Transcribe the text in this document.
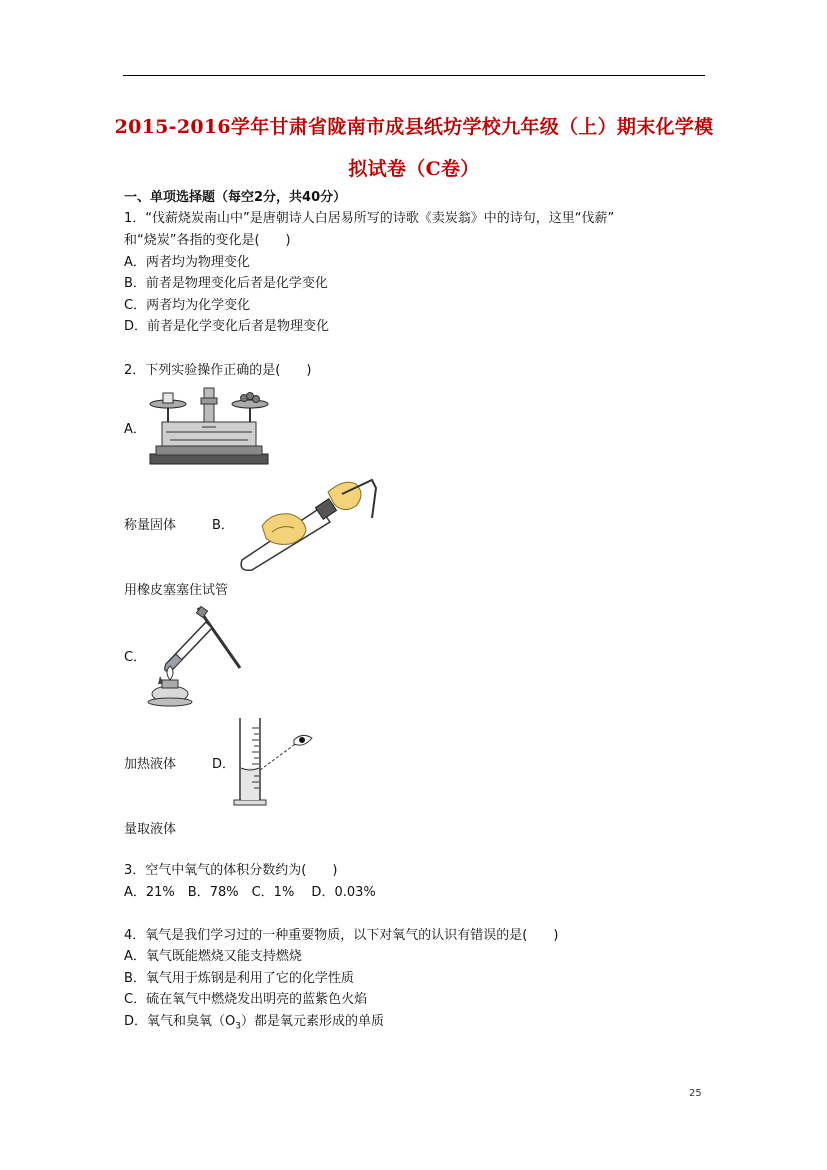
2015-2016学年甘肃省陇南市成县纸坊学校九年级（上）期末化学模
拟试卷（C卷）
一、单项选择题（每空2分，共40分）
1．“伐薪烧炭南山中”是唐朝诗人白居易所写的诗歌《卖炭翁》中的诗句，这里“伐薪”
和“烧炭”各指的变化是(　　)
A．两者均为物理变化
B．前者是物理变化后者是化学变化
C．两者均为化学变化
D．前者是化学变化后者是物理变化
2．下列实验操作正确的是(　　)
A．
称量固体	B．
用橡皮塞塞住试管
C．
加热液体	D．
量取液体
3．空气中氧气的体积分数约为(　　)
A．21%　B．78%　C．1%　 D．0.03%
4．氧气是我们学习过的一种重要物质，以下对氧气的认识有错误的是(　　)
A．氧气既能燃烧又能支持燃烧
B．氧气用于炼钢是利用了它的化学性质
C．硫在氧气中燃烧发出明亮的蓝紫色火焰
D．氧气和臭氧$(O_3)$都是氧元素形成的单质
25
